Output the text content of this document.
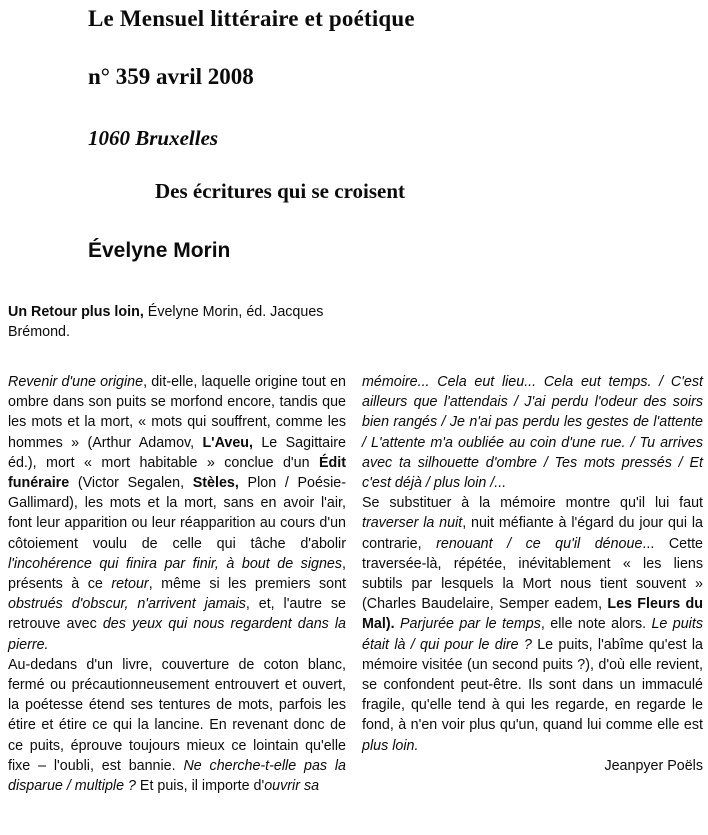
Le Mensuel littéraire et poétique
n° 359 avril 2008
1060 Bruxelles
Des écritures qui se croisent
Évelyne Morin
Un Retour plus loin, Évelyne Morin, éd. Jacques Brémond.

Revenir d'une origine, dit-elle, laquelle origine tout en ombre dans son puits se morfond encore, tandis que les mots et la mort, « mots qui souffrent, comme les hommes » (Arthur Adamov, L'Aveu, Le Sagittaire éd.), mort « mort habitable » conclue d'un Édit funéraire (Victor Segalen, Stèles, Plon / Poésie-Gallimard), les mots et la mort, sans en avoir l'air, font leur apparition ou leur réapparition au cours d'un côtoiement voulu de celle qui tâche d'abolir l'incohérence qui finira par finir, à bout de signes, présents à ce retour, même si les premiers sont obstrués d'obscur, n'arrivent jamais, et, l'autre se retrouve avec des yeux qui nous regardent dans la pierre.

Au-dedans d'un livre, couverture de coton blanc, fermé ou précautionneusement entrouvert et ouvert, la poétesse étend ses tentures de mots, parfois les étire et étire ce qui la lancine. En revenant donc de ce puits, éprouve toujours mieux ce lointain qu'elle fixe – l'oubli, est bannie. Ne cherche-t-elle pas la disparue / multiple ? Et puis, il importe d'ouvrir sa

mémoire... Cela eut lieu... Cela eut temps. / C'est ailleurs que l'attendais / J'ai perdu l'odeur des soirs bien rangés / Je n'ai pas perdu les gestes de l'attente / L'attente m'a oubliée au coin d'une rue. / Tu arrives avec ta silhouette d'ombre / Tes mots pressés / Et c'est déjà / plus loin /...

Se substituer à la mémoire montre qu'il lui faut traverser la nuit, nuit méfiante à l'égard du jour qui la contrarie, renouant / ce qu'il dénoue... Cette traversée-là, répétée, inévitablement « les liens subtils par lesquels la Mort nous tient souvent » (Charles Baudelaire, Semper eadem, Les Fleurs du Mal). Parjurée par le temps, elle note alors. Le puits était là / qui pour le dire ? Le puits, l'abîme qu'est la mémoire visitée (un second puits ?), d'où elle revient, se confondent peut-être. Ils sont dans un immaculé fragile, qu'elle tend à qui les regarde, en regarde le fond, à n'en voir plus qu'un, quand lui comme elle est plus loin.

Jeanpyer Poëls
